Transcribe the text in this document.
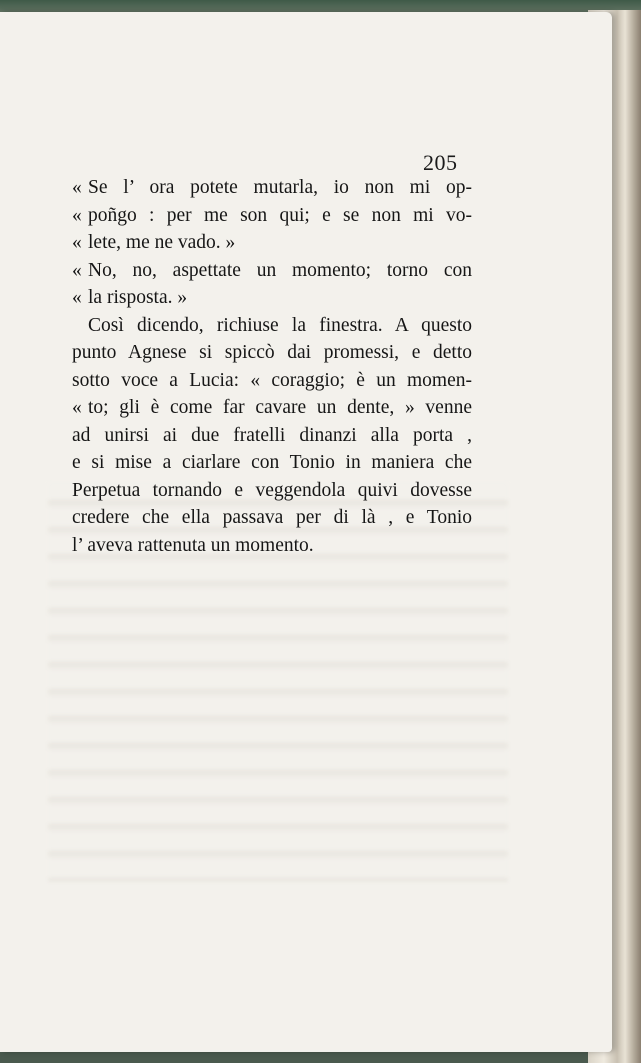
205
« Se l’ ora potete mutarla, io non mi op-
« poñgo : per me son qui; e se non mi vo-
« lete, me ne vado. »
« No, no, aspettate un momento; torno con
« la risposta. »
Così dicendo, richiuse la finestra. A questo
punto Agnese si spiccò dai promessi, e detto
sotto voce a Lucia: « coraggio; è un momen-
« to; gli è come far cavare un dente, » venne
ad unirsi ai due fratelli dinanzi alla porta ,
e si mise a ciarlare con Tonio in maniera che
Perpetua tornando e veggendola quivi dovesse
credere che ella passava per di là , e Tonio
l’ aveva rattenuta un momento.
